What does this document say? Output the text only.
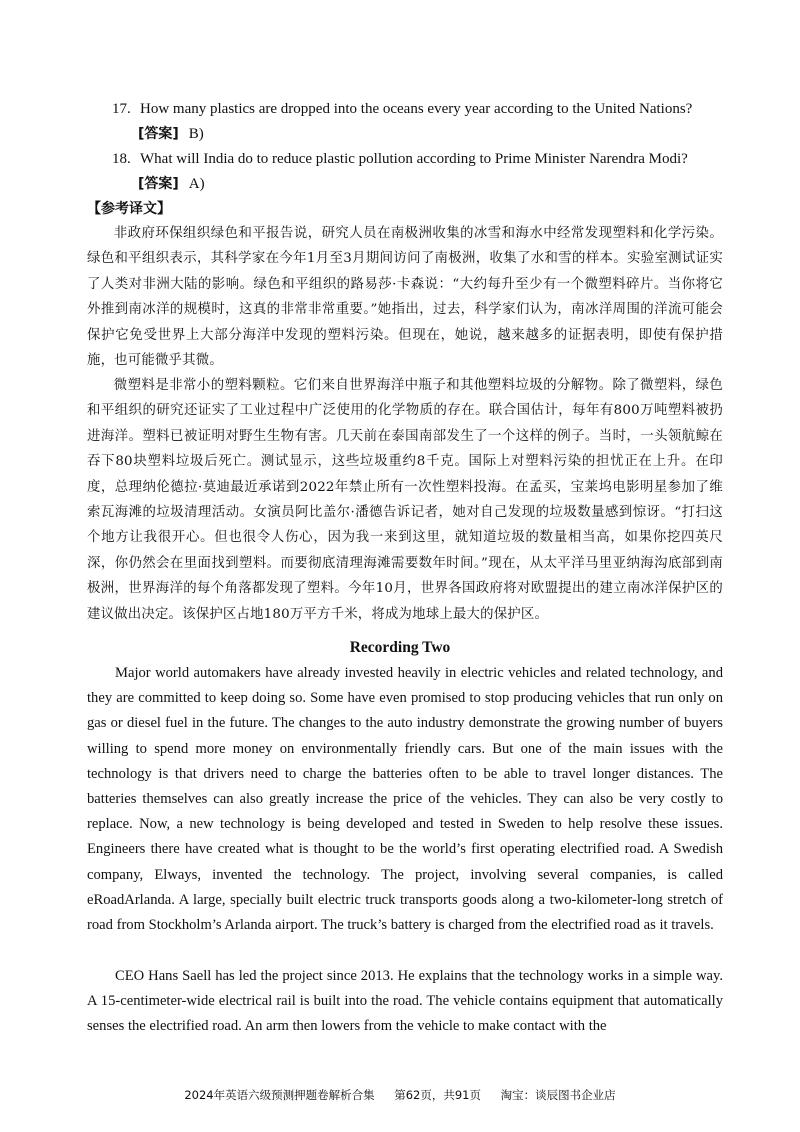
17. How many plastics are dropped into the oceans every year according to the United Nations?
[答案] B)
18. What will India do to reduce plastic pollution according to Prime Minister Narendra Modi?
[答案] A)
【参考译文】

非政府环保组织绿色和平报告说，研究人员在南极洲收集的冰雪和海水中经常发现塑料和化学污染。绿色和平组织表示，其科学家在今年1月至3月期间访问了南极洲，收集了水和雪的样本。实验室测试证实了人类对非洲大陆的影响。绿色和平组织的路易莎·卡森说：“大约每升至少有一个微塑料碎片。当你将它外推到南冰洋的规模时，这真的非常非常重要。”她指出，过去，科学家们认为，南冰洋周围的洋流可能会保护它免受世界上大部分海洋中发现的塑料污染。但现在，她说，越来越多的证据表明，即使有保护措施，也可能微乎其微。

微塑料是非常小的塑料颗粒。它们来自世界海洋中瓶子和其他塑料垃圾的分解物。除了微塑料，绿色和平组织的研究还证实了工业过程中广泛使用的化学物质的存在。联合国估计，每年有800万吨塑料被扔进海洋。塑料已被证明对野生生物有害。几天前在泰国南部发生了一个这样的例子。当时，一头领航鲸在吞下80块塑料垃圾后死亡。测试显示，这些垃圾重约8千克。国际上对塑料污染的担忧正在上升。在印度，总理纳伦德拉·莫迪最近承诺到2022年禁止所有一次性塑料投海。在孟买，宝莱坞电影明星参加了维索瓦海滩的垃圾清理活动。女演员阿比盖尔·潘德告诉记者，她对自己发现的垃圾数量感到惊讶。“打扫这个地方让我很开心。但也很令人伤心，因为我一来到这里，就知道垃圾的数量相当高，如果你挖四英尺深，你仍然会在里面找到塑料。而要彻底清理海滩需要数年时间。”现在，从太平洋马里亚纳海沟底部到南极洲，世界海洋的每个角落都发现了塑料。今年10月，世界各国政府将对欧盟提出的建立南冰洋保护区的建议做出决定。该保护区占地180万平方千米，将成为地球上最大的保护区。

Recording Two

Major world automakers have already invested heavily in electric vehicles and related technology, and they are committed to keep doing so. Some have even promised to stop producing vehicles that run only on gas or diesel fuel in the future. The changes to the auto industry demonstrate the growing number of buyers willing to spend more money on environmentally friendly cars. But one of the main issues with the technology is that drivers need to charge the batteries often to be able to travel longer distances. The batteries themselves can also greatly increase the price of the vehicles. They can also be very costly to replace. Now, a new technology is being developed and tested in Sweden to help resolve these issues. Engineers there have created what is thought to be the world’s first operating electrified road. A Swedish company, Elways, invented the technology. The project, involving several companies, is called eRoadArlanda. A large, specially built electric truck transports goods along a two-kilometer-long stretch of road from Stockholm’s Arlanda airport. The truck’s battery is charged from the electrified road as it travels.

CEO Hans Saell has led the project since 2013. He explains that the technology works in a simple way. A 15-centimeter-wide electrical rail is built into the road. The vehicle contains equipment that automatically senses the electrified road. An arm then lowers from the vehicle to make contact with the

2024年英语六级预测押题卷解析合集 第62页，共91页 淘宝：谈辰图书企业店
